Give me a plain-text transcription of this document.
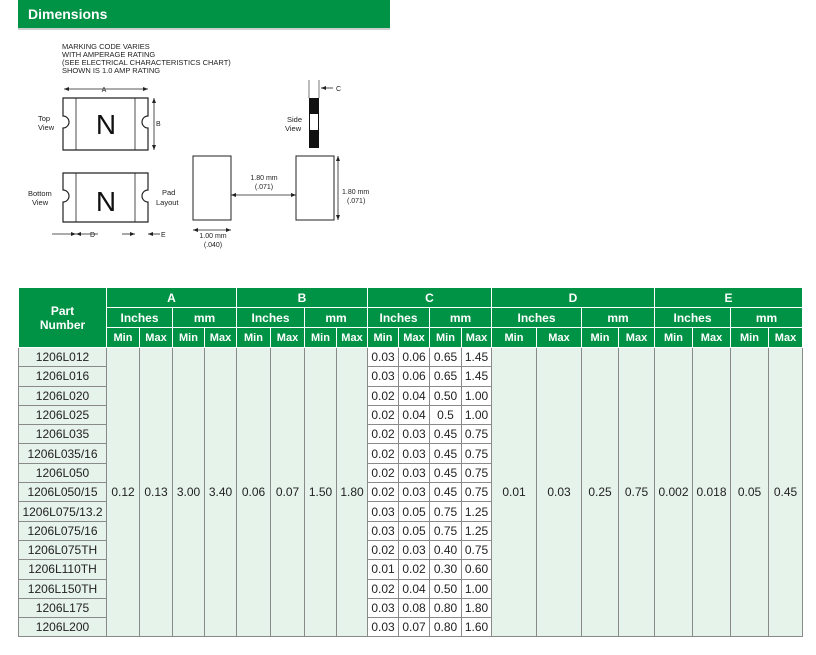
Dimensions
MARKING CODE VARIES
WITH AMPERAGE RATING
(SEE ELECTRICAL CHARACTERISTICS CHART)
SHOWN IS 1.0 AMP RATING
A
N	B
Top
View
N
Bottom
View
D	E
Pad
Layout
C
Side
View
1.80 mm
(.071)
1.80 mm
(.071)
1.00 mm
(.040)
Part
Number	A				B				C				D				E			
	Inches		mm		Inches		mm		Inches		mm		Inches		mm		Inches		mm	
	Min	Max	Min	Max	Min	Max	Min	Max	Min	Max	Min	Max	Min	Max	Min	Max	Min	Max	Min	Max
1206L012	0.12	0.13	3.00	3.40	0.06	0.07	1.50	1.80	0.03	0.06	0.65	1.45	0.01	0.03	0.25	0.75	0.002	0.018	0.05	0.45
1206L016									0.03	0.06	0.65	1.45								
1206L020									0.02	0.04	0.50	1.00								
1206L025									0.02	0.04	0.5	1.00								
1206L035									0.02	0.03	0.45	0.75								
1206L035/16									0.02	0.03	0.45	0.75								
1206L050									0.02	0.03	0.45	0.75								
1206L050/15									0.02	0.03	0.45	0.75								
1206L075/13.2									0.03	0.05	0.75	1.25								
1206L075/16									0.03	0.05	0.75	1.25								
1206L075TH									0.02	0.03	0.40	0.75								
1206L110TH									0.01	0.02	0.30	0.60								
1206L150TH									0.02	0.04	0.50	1.00								
1206L175									0.03	0.08	0.80	1.80								
1206L200									0.03	0.07	0.80	1.60								
